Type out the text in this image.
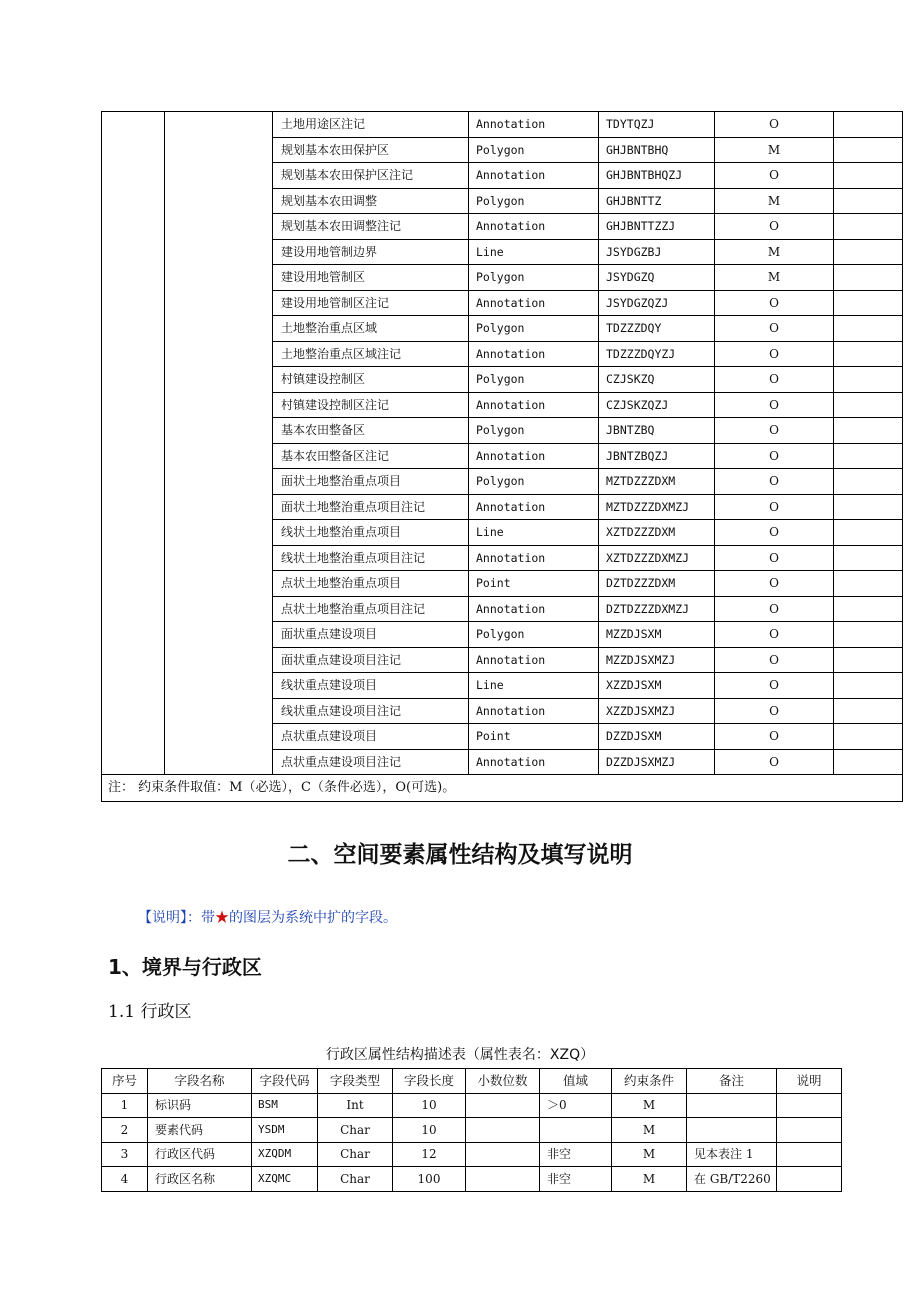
		土地用途区注记	Annotation	TDYTQZJ	O	
		规划基本农田保护区	Polygon	GHJBNTBHQ	M	
		规划基本农田保护区注记	Annotation	GHJBNTBHQZJ	O	
		规划基本农田调整	Polygon	GHJBNTTZ	M	
		规划基本农田调整注记	Annotation	GHJBNTTZZJ	O	
		建设用地管制边界	Line	JSYDGZBJ	M	
		建设用地管制区	Polygon	JSYDGZQ	M	
		建设用地管制区注记	Annotation	JSYDGZQZJ	O	
		土地整治重点区域	Polygon	TDZZZDQY	O	
		土地整治重点区域注记	Annotation	TDZZZDQYZJ	O	
		村镇建设控制区	Polygon	CZJSKZQ	O	
		村镇建设控制区注记	Annotation	CZJSKZQZJ	O	
		基本农田整备区	Polygon	JBNTZBQ	O	
		基本农田整备区注记	Annotation	JBNTZBQZJ	O	
		面状土地整治重点项目	Polygon	MZTDZZZDXM	O	
		面状土地整治重点项目注记	Annotation	MZTDZZZDXMZJ	O	
		线状土地整治重点项目	Line	XZTDZZZDXM	O	
		线状土地整治重点项目注记	Annotation	XZTDZZZDXMZJ	O	
		点状土地整治重点项目	Point	DZTDZZZDXM	O	
		点状土地整治重点项目注记	Annotation	DZTDZZZDXMZJ	O	
		面状重点建设项目	Polygon	MZZDJSXM	O	
		面状重点建设项目注记	Annotation	MZZDJSXMZJ	O	
		线状重点建设项目	Line	XZZDJSXM	O	
		线状重点建设项目注记	Annotation	XZZDJSXMZJ	O	
		点状重点建设项目	Point	DZZDJSXM	O	
		点状重点建设项目注记	Annotation	DZZDJSXMZJ	O	
注： 约束条件取值：M（必选），C（条件必选），O(可选)。						
二、空间要素属性结构及填写说明
【说明】：带★的图层为系统中扩的字段。
1、境界与行政区
1.1 行政区
行政区属性结构描述表（属性表名：XZQ）
序号	字段名称	字段代码	字段类型	字段长度	小数位数	值域	约束条件	备注	说明
1	标识码	BSM	Int	10		＞0	M		
2	要素代码	YSDM	Char	10			M		
3	行政区代码	XZQDM	Char	12		非空	M	见本表注 1	
4	行政区名称	XZQMC	Char	100		非空	M	在 GB/T2260	
